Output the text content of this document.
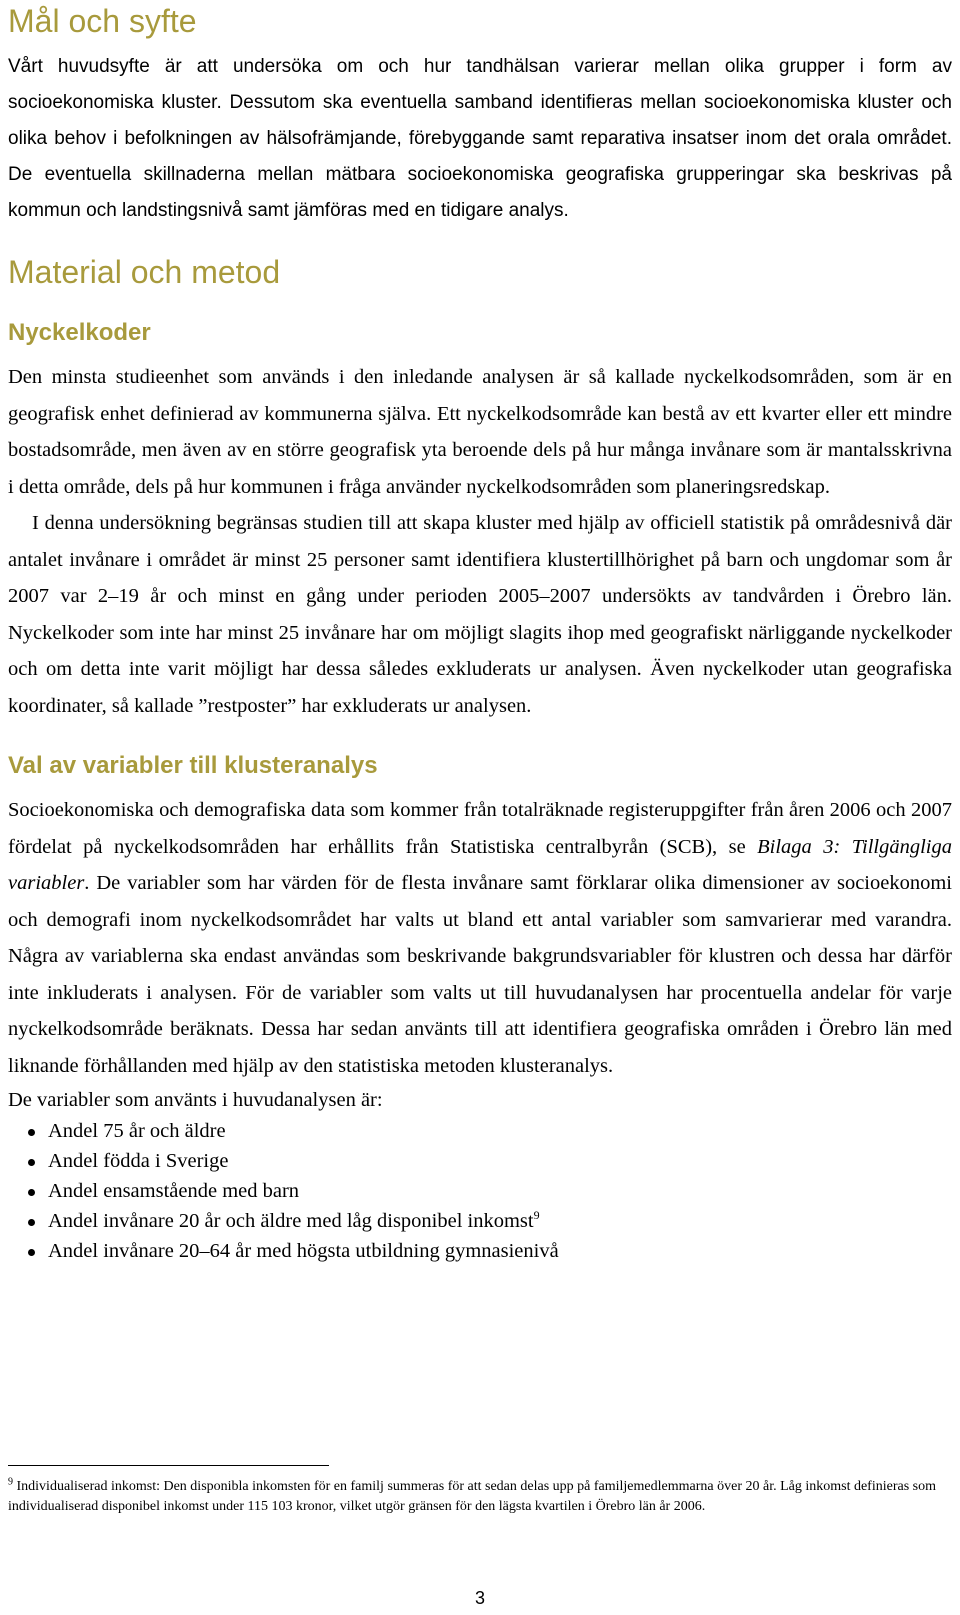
Mål och syfte

Vårt huvudsyfte är att undersöka om och hur tandhälsan varierar mellan olika grupper i form av socioekonomiska kluster. Dessutom ska eventuella samband identifieras mellan socioekonomiska kluster och olika behov i befolkningen av hälsofrämjande, förebyggande samt reparativa insatser inom det orala området. De eventuella skillnaderna mellan mätbara socioekonomiska geografiska grupperingar ska beskrivas på kommun och landstingsnivå samt jämföras med en tidigare analys.

Material och metod
Nyckelkoder

Den minsta studieenhet som används i den inledande analysen är så kallade nyckelkodsområden, som är en geografisk enhet definierad av kommunerna själva. Ett nyckelkodsområde kan bestå av ett kvarter eller ett mindre bostadsområde, men även av en större geografisk yta beroende dels på hur många invånare som är mantalsskrivna i detta område, dels på hur kommunen i fråga använder nyckelkodsområden som planeringsredskap.

I denna undersökning begränsas studien till att skapa kluster med hjälp av officiell statistik på områdesnivå där antalet invånare i området är minst 25 personer samt identifiera klustertillhörighet på barn och ungdomar som år 2007 var 2–19 år och minst en gång under perioden 2005–2007 undersökts av tandvården i Örebro län. Nyckelkoder som inte har minst 25 invånare har om möjligt slagits ihop med geografiskt närliggande nyckelkoder och om detta inte varit möjligt har dessa således exkluderats ur analysen. Även nyckelkoder utan geografiska koordinater, så kallade ”restposter” har exkluderats ur analysen.

Val av variabler till klusteranalys

Socioekonomiska och demografiska data som kommer från totalräknade registeruppgifter från åren 2006 och 2007 fördelat på nyckelkodsområden har erhållits från Statistiska centralbyrån (SCB), se Bilaga 3: Tillgängliga variabler. De variabler som har värden för de flesta invånare samt förklarar olika dimensioner av socioekonomi och demografi inom nyckelkodsområdet har valts ut bland ett antal variabler som samvarierar med varandra. Några av variablerna ska endast användas som beskrivande bakgrundsvariabler för klustren och dessa har därför inte inkluderats i analysen. För de variabler som valts ut till huvudanalysen har procentuella andelar för varje nyckelkodsområde beräknats. Dessa har sedan använts till att identifiera geografiska områden i Örebro län med liknande förhållanden med hjälp av den statistiska metoden klusteranalys.

De variabler som använts i huvudanalysen är:

Andel 75 år och äldre
Andel födda i Sverige
Andel ensamstående med barn
Andel invånare 20 år och äldre med låg disponibel inkomst$^9$
Andel invånare 20–64 år med högsta utbildning gymnasienivå

$^9$ Individualiserad inkomst: Den disponibla inkomsten för en familj summeras för att sedan delas upp på familjemedlemmarna över 20 år. Låg inkomst definieras som individualiserad disponibel inkomst under 115 103 kronor, vilket utgör gränsen för den lägsta kvartilen i Örebro län år 2006.

3
